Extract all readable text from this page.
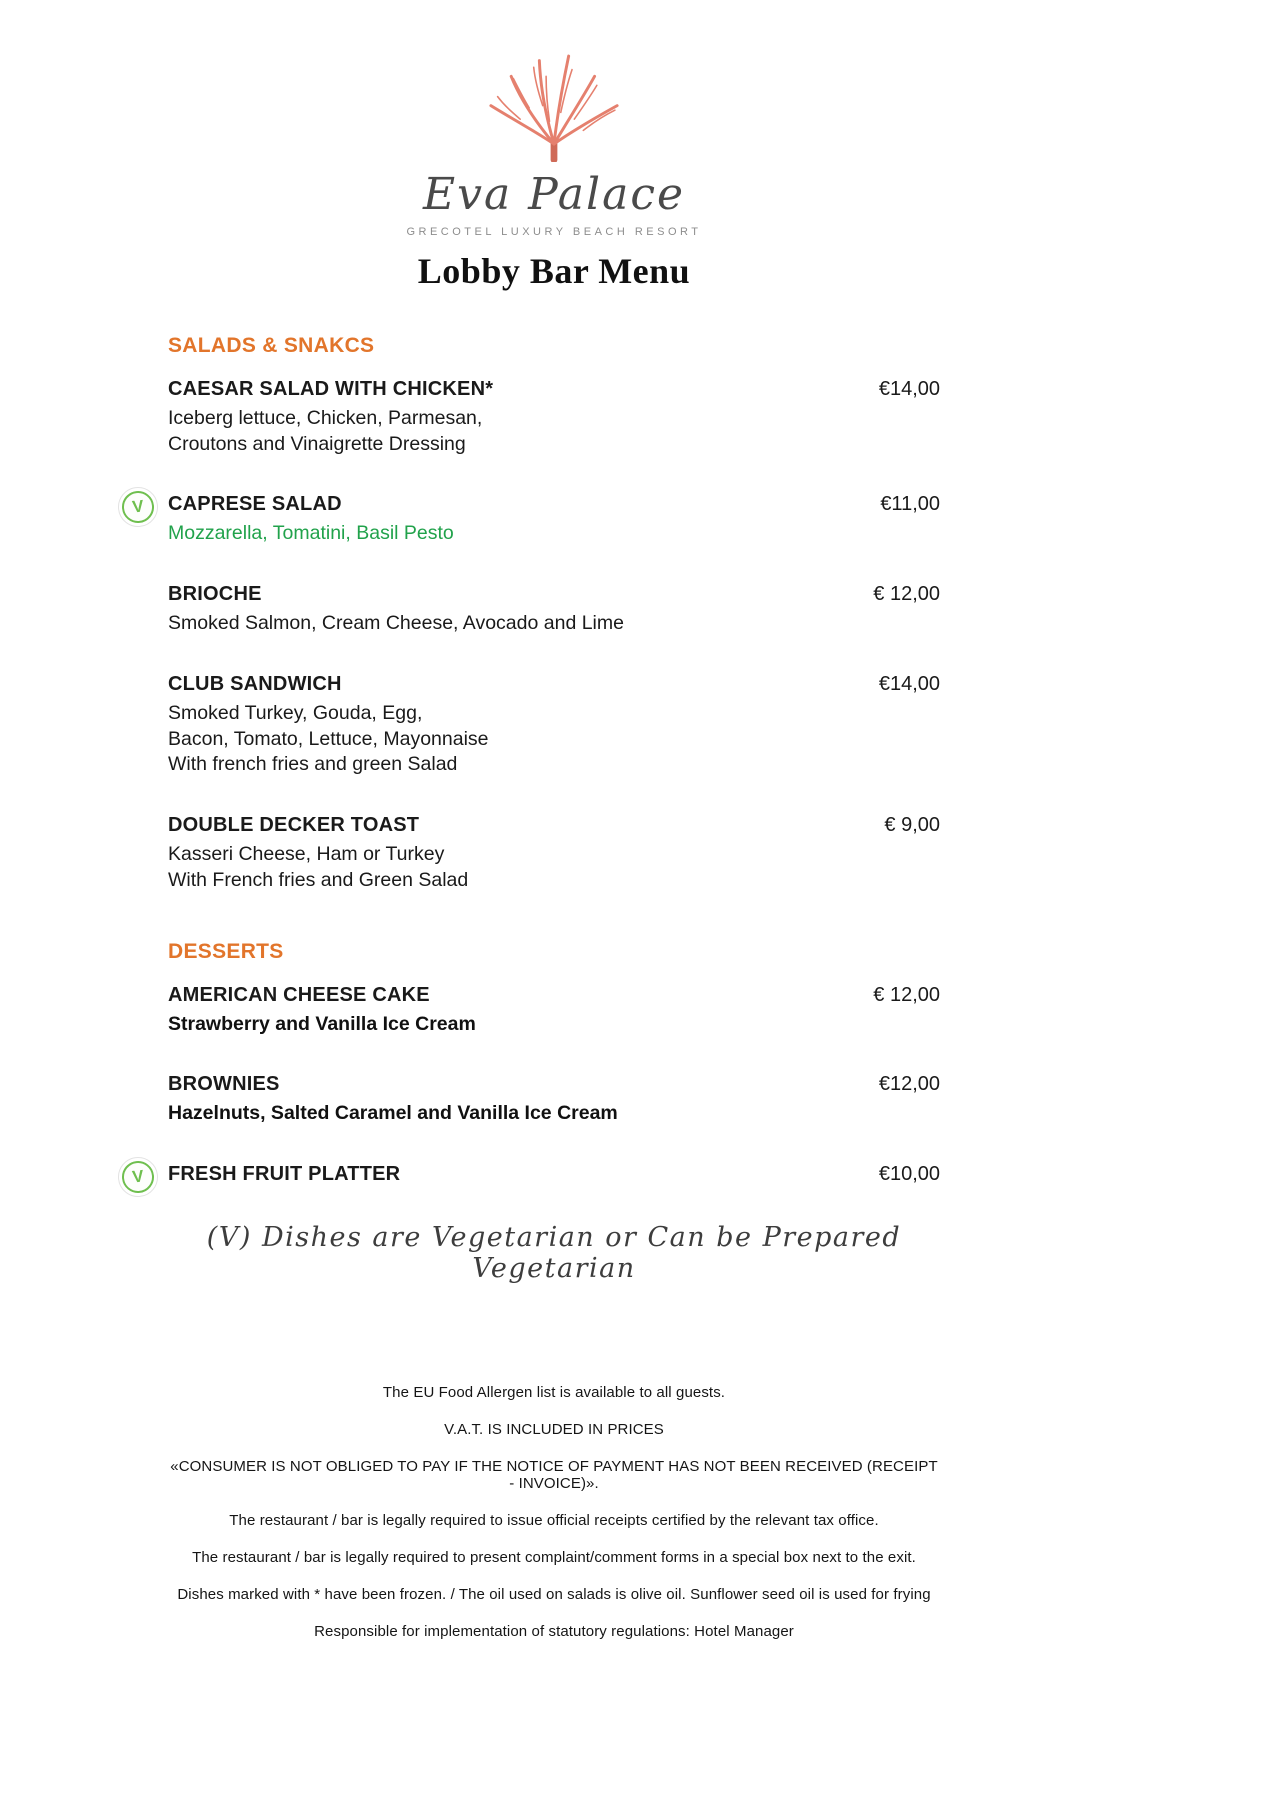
Eva Palace
GRECOTEL LUXURY BEACH RESORT
Lobby Bar Menu
SALADS & SNAKCS
CAESAR SALAD WITH CHICKEN*	€14,00
Iceberg lettuce, Chicken, Parmesan,
Croutons and Vinaigrette Dressing
V	CAPRESE SALAD	€11,00
Mozzarella, Tomatini, Basil Pesto
BRIOCHE	€ 12,00
Smoked Salmon, Cream Cheese, Avocado and Lime
CLUB SANDWICH	€14,00
Smoked Turkey, Gouda, Egg,
Bacon, Tomato, Lettuce, Mayonnaise
With french fries and green Salad
DOUBLE DECKER TOAST	€ 9,00
Kasseri Cheese, Ham or Turkey
With French fries and Green Salad
DESSERTS
AMERICAN CHEESE CAKE	€ 12,00
Strawberry and Vanilla Ice Cream
BROWNIES	€12,00
Hazelnuts, Salted Caramel and Vanilla Ice Cream
V	FRESH FRUIT PLATTER	€10,00
(V) Dishes are Vegetarian or Can be Prepared Vegetarian
The EU Food Allergen list is available to all guests.
V.A.T. IS INCLUDED IN PRICES
«CONSUMER IS NOT OBLIGED TO PAY IF THE NOTICE OF PAYMENT HAS NOT BEEN RECEIVED (RECEIPT - INVOICE)».
The restaurant / bar is legally required to issue official receipts certified by the relevant tax office.
The restaurant / bar is legally required to present complaint/comment forms in a special box next to the exit.
Dishes marked with * have been frozen. / The oil used on salads is olive oil. Sunflower seed oil is used for frying
Responsible for implementation of statutory regulations: Hotel Manager
